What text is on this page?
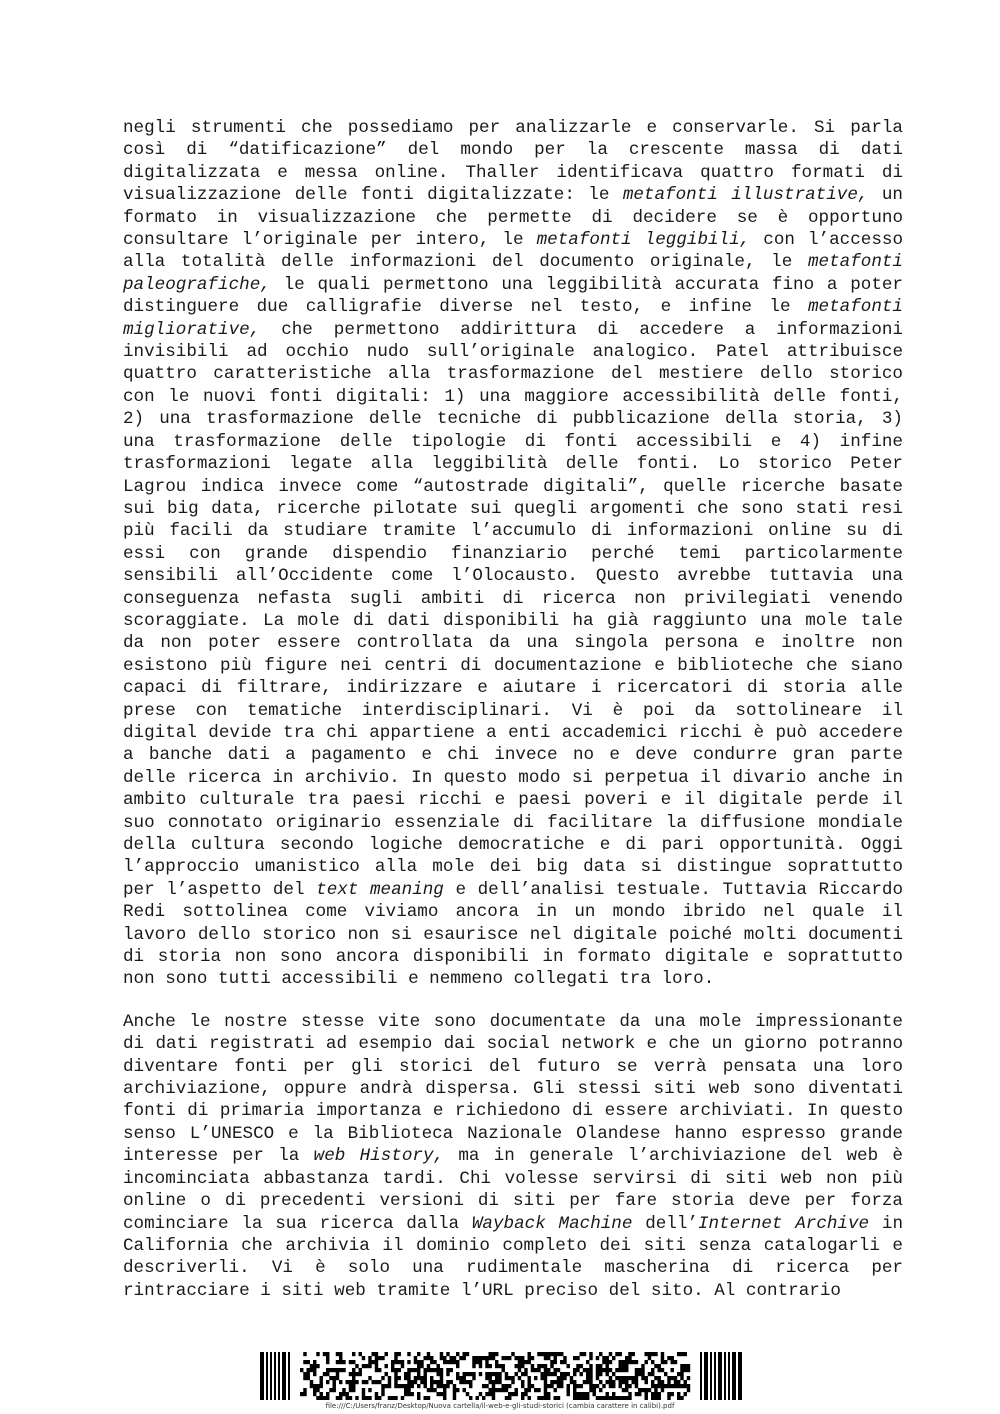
negli strumenti che possediamo per analizzarle e conservarle. Si parla così di “datificazione” del mondo per la crescente massa di dati digitalizzata e messa online. Thaller identificava quattro formati di visualizzazione delle fonti digitalizzate: le metafonti illustrative, un formato in visualizzazione che permette di decidere se è opportuno consultare l’originale per intero, le metafonti leggibili, con l’accesso alla totalità delle informazioni del documento originale, le metafonti paleografiche, le quali permettono una leggibilità accurata fino a poter distinguere due calligrafie diverse nel testo, e infine le metafonti migliorative, che permettono addirittura di accedere a informazioni invisibili ad occhio nudo sull’originale analogico. Patel attribuisce quattro caratteristiche alla trasformazione del mestiere dello storico con le nuovi fonti digitali: 1) una maggiore accessibilità delle fonti, 2) una trasformazione delle tecniche di pubblicazione della storia, 3) una trasformazione delle tipologie di fonti accessibili e 4) infine trasformazioni legate alla leggibilità delle fonti. Lo storico Peter Lagrou indica invece come “autostrade digitali”, quelle ricerche basate sui big data, ricerche pilotate sui quegli argomenti che sono stati resi più facili da studiare tramite l’accumulo di informazioni online su di essi con grande dispendio finanziario perché temi particolarmente sensibili all’Occidente come l’Olocausto. Questo avrebbe tuttavia una conseguenza nefasta sugli ambiti di ricerca non privilegiati venendo scoraggiate. La mole di dati disponibili ha già raggiunto una mole tale da non poter essere controllata da una singola persona e inoltre non esistono più figure nei centri di documentazione e biblioteche che siano capaci di filtrare, indirizzare e aiutare i ricercatori di storia alle prese con tematiche interdisciplinari. Vi è poi da sottolineare il digital devide tra chi appartiene a enti accademici ricchi è può accedere a banche dati a pagamento e chi invece no e deve condurre gran parte delle ricerca in archivio. In questo modo si perpetua il divario anche in ambito culturale tra paesi ricchi e paesi poveri e il digitale perde il suo connotato originario essenziale di facilitare la diffusione mondiale della cultura secondo logiche democratiche e di pari opportunità. Oggi l’approccio umanistico alla mole dei big data si distingue soprattutto per l’aspetto del text meaning e dell’analisi testuale. Tuttavia Riccardo Redi sottolinea come viviamo ancora in un mondo ibrido nel quale il lavoro dello storico non si esaurisce nel digitale poiché molti documenti di storia non sono ancora disponibili in formato digitale e soprattutto non sono tutti accessibili e nemmeno collegati tra loro.

Anche le nostre stesse vite sono documentate da una mole impressionante di dati registrati ad esempio dai social network e che un giorno potranno diventare fonti per gli storici del futuro se verrà pensata una loro archiviazione, oppure andrà dispersa. Gli stessi siti web sono diventati fonti di primaria importanza e richiedono di essere archiviati. In questo senso L’UNESCO e la Biblioteca Nazionale Olandese hanno espresso grande interesse per la web History, ma in generale l’archiviazione del web è incominciata abbastanza tardi. Chi volesse servirsi di siti web non più online o di precedenti versioni di siti per fare storia deve per forza cominciare la sua ricerca dalla Wayback Machine dell’Internet Archive in California che archivia il dominio completo dei siti senza catalogarli e descriverli. Vi è solo una rudimentale mascherina di ricerca per rintracciare i siti web tramite l’URL preciso del sito. Al contrario

file:///C:/Users/franz/Desktop/Nuova cartella/il-web-e-gli-studi-storici (cambia carattere in calibi).pdf
